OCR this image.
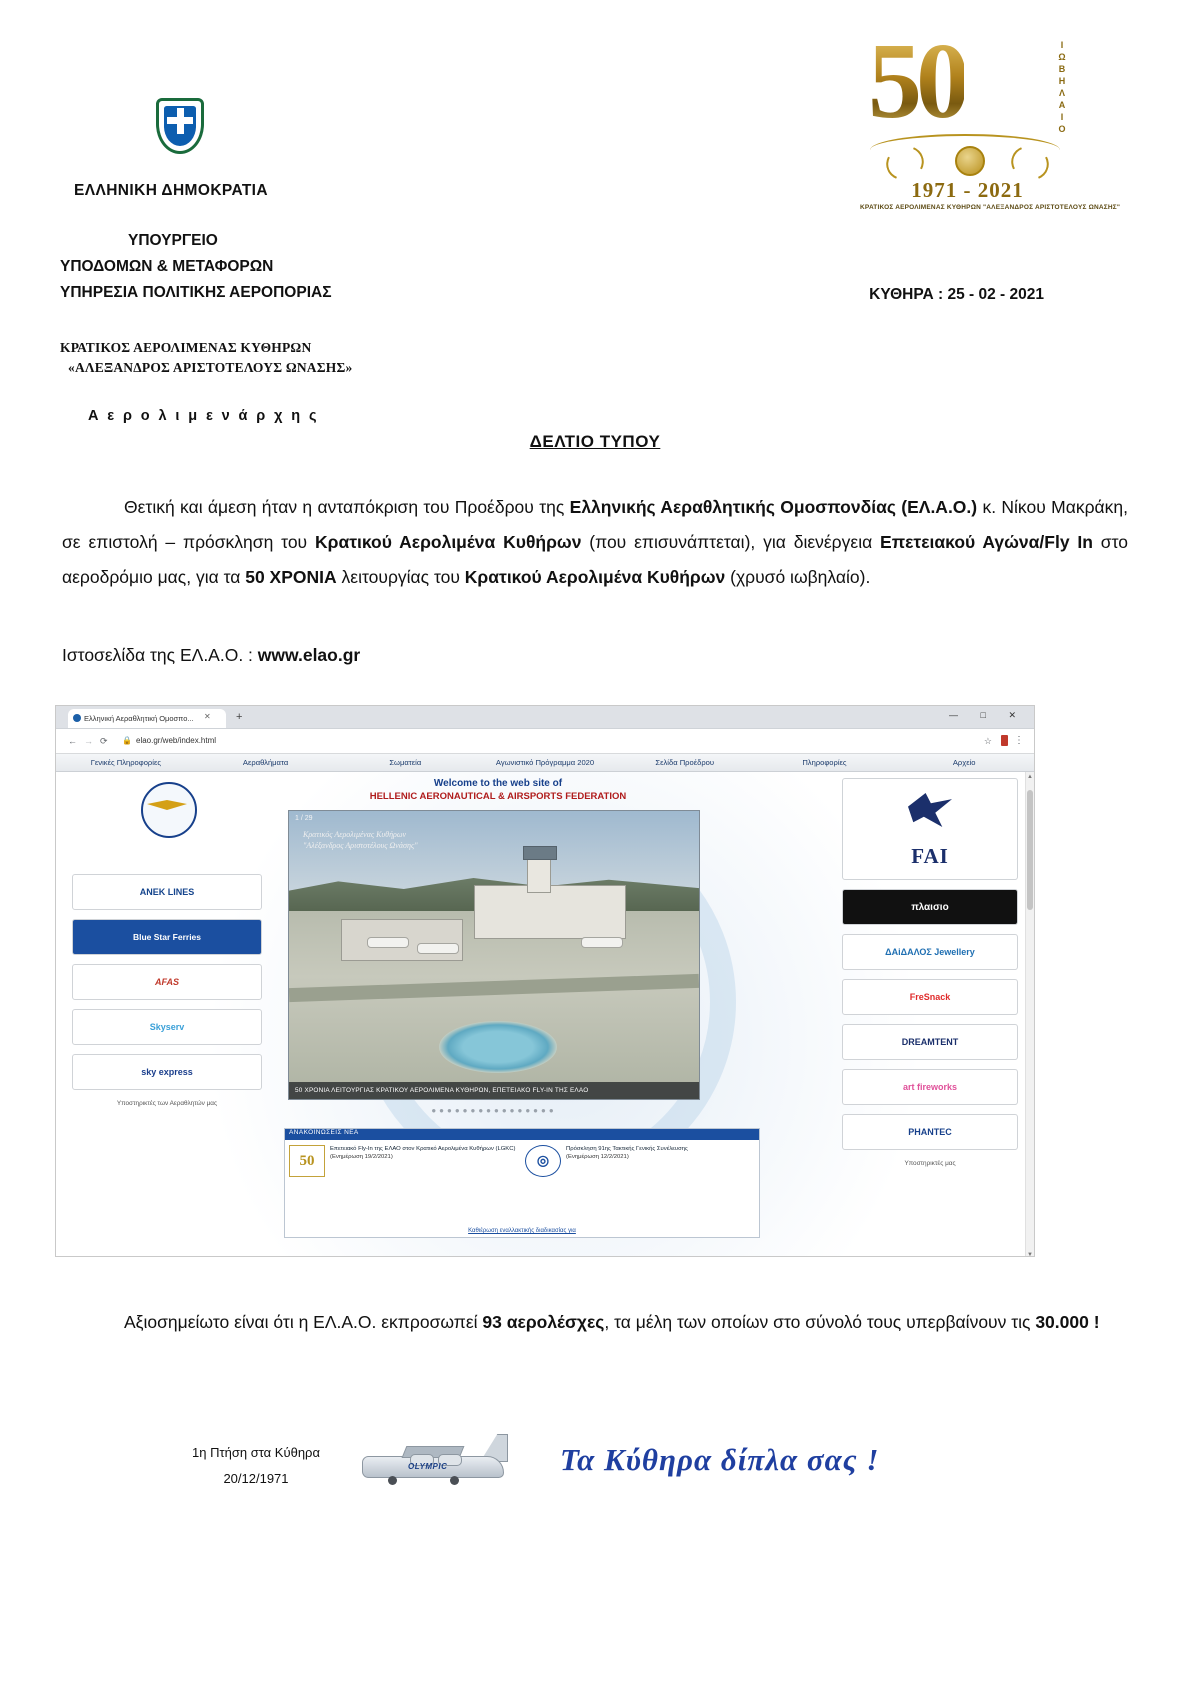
ΕΛΛΗΝΙΚΗ ΔΗΜΟΚΡΑΤΙΑ
ΥΠΟΥΡΓΕΙΟ
ΥΠΟΔΟΜΩΝ & ΜΕΤΑΦΟΡΩΝ
ΥΠΗΡΕΣΙΑ ΠΟΛΙΤΙΚΗΣ ΑΕΡΟΠΟΡΙΑΣ
ΚΡΑΤΙΚΟΣ ΑΕΡΟΛΙΜΕΝΑΣ ΚΥΘΗΡΩΝ
«ΑΛΕΞΑΝΔΡΟΣ ΑΡΙΣΤΟΤΕΛΟΥΣ ΩΝΑΣΗΣ»
Α ε ρ ο λ ι μ ε ν ά ρ χ η ς
ΚΥΘΗΡΑ : 25 - 02 - 2021
50	ΙΩΒΗΛΑΙΟ
1971 - 2021
ΚΡΑΤΙΚΟΣ ΑΕΡΟΛΙΜΕΝΑΣ ΚΥΘΗΡΩΝ "ΑΛΕΞΑΝΔΡΟΣ ΑΡΙΣΤΟΤΕΛΟΥΣ ΩΝΑΣΗΣ"
ΔΕΛΤΙΟ ΤΥΠΟΥ
Θετική και άμεση ήταν η ανταπόκριση του Προέδρου της Ελληνικής Αεραθλητικής Ομοσπονδίας (ΕΛ.Α.Ο.) κ. Νίκου Μακράκη, σε επιστολή – πρόσκληση του Κρατικού Αερολιμένα Κυθήρων (που επισυνάπτεται), για διενέργεια Επετειακού Αγώνα/Fly In στο αεροδρόμιο μας, για τα 50 ΧΡΟΝΙΑ λειτουργίας του Κρατικού Αερολιμένα Κυθήρων (χρυσό ιωβηλαίο).
Ιστοσελίδα της ΕΛ.Α.Ο. : www.elao.gr
Ελληνική Αεραθλητική Ομοσπο...	✕ +	— □ ✕
← → ⟳ 🔒 elao.gr/web/index.html	☆ ⋮
Γενικές Πληροφορίες	Αεραθλήματα	Σωματεία	Αγωνιστικό Πρόγραμμα 2020	Σελίδα Προέδρου	Πληροφορίες	Αρχείο
Welcome to the web site of
HELLENIC AERONAUTICAL & AIRSPORTS FEDERATION
ANEK LINES
Blue Star Ferries
AFAS
Skyserv
sky express
Υποστηρικτές των Αεραθλητών μας
FAI
πλαισιο
ΔΑiΔΑΛΟΣ Jewellery
FreSnack
DREAMTENT
art fireworks
PHANTEC
Υποστηρικτές μας
1 / 29
Κρατικός Αερολιμένας Κυθήρων
"Αλέξανδρος Αριστοτέλους Ωνάσης"
50 ΧΡΟΝΙΑ ΛΕΙΤΟΥΡΓΙΑΣ ΚΡΑΤΙΚΟΥ ΑΕΡΟΛΙΜΕΝΑ ΚΥΘΗΡΩΝ, ΕΠΕΤΕΙΑΚΟ FLY-IN ΤΗΣ ΕΛΑΟ
●●●●●●●●●●●●●●●●
ΑΝΑΚΟΙΝΩΣΕΙΣ ΝΕΑ
50
Επετειακό Fly-In της ΕΛΑΟ στον Κρατικό Αερολιμένα Κυθήρων (LGKC)
(Ενημέρωση 19/2/2021)	◎
Πρόσκληση 91ης Τακτικής Γενικής Συνέλευσης
(Ενημέρωση 12/2/2021)
Καθιέρωση εναλλακτικής διαδικασίας για
▲
▼
Αξιοσημείωτο είναι ότι η ΕΛ.Α.Ο. εκπροσωπεί 93 αερολέσχες, τα μέλη των οποίων στο σύνολό τους υπερβαίνουν τις 30.000 !
1η Πτήση στα Κύθηρα
20/12/1971
OLYMPIC	Τα Κύθηρα δίπλα σας !
